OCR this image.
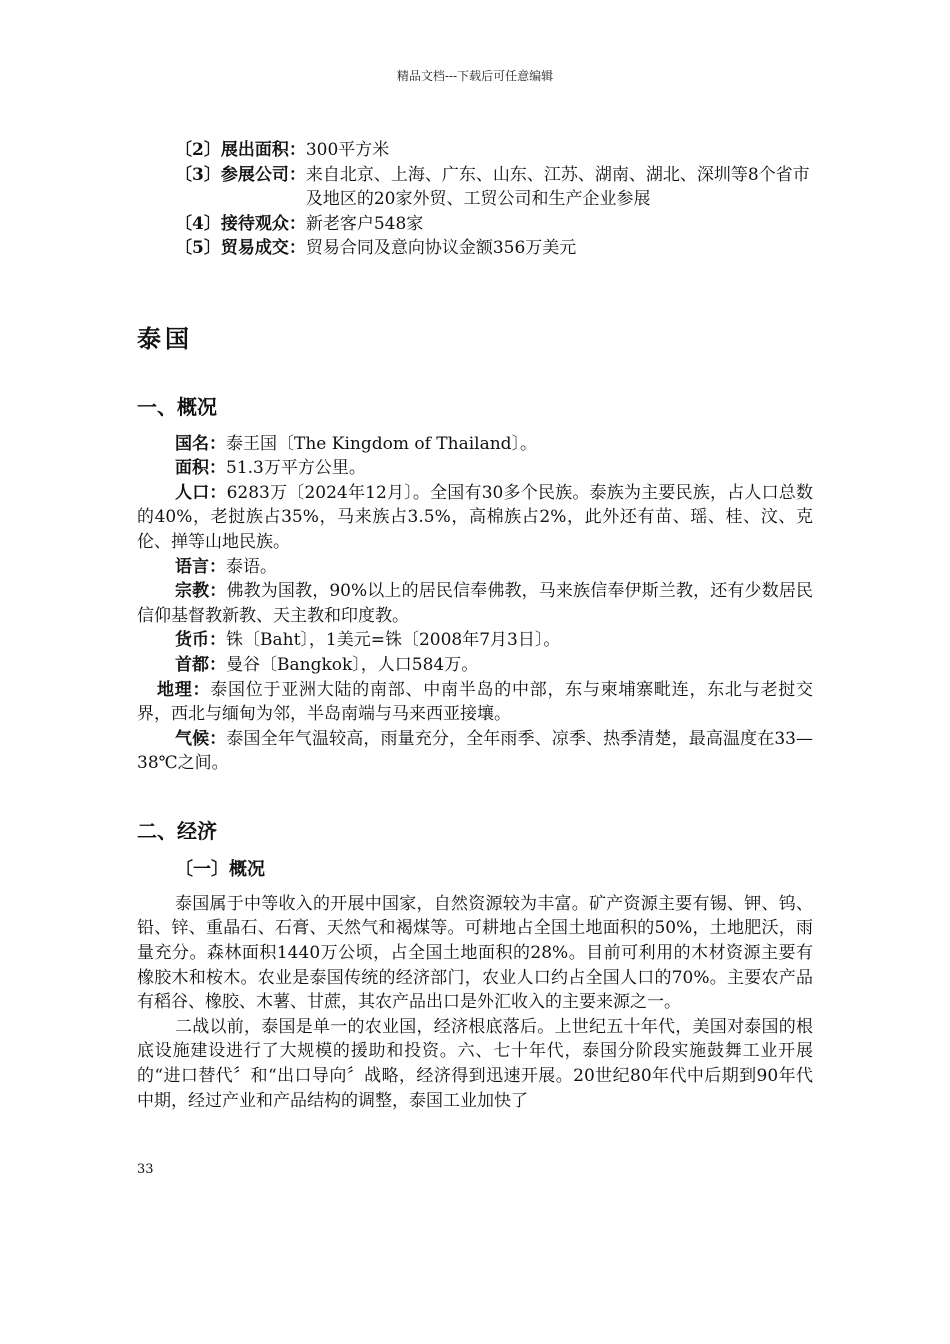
精品文档---下载后可任意编辑
〔2〕展出面积： 300平方米
〔3〕参展公司： 来自北京、上海、广东、山东、江苏、湖南、湖北、深圳等8个省市及地区的20家外贸、工贸公司和生产企业参展
〔4〕接待观众： 新老客户548家
〔5〕贸易成交： 贸易合同及意向协议金额356万美元
泰国
一、概况

国名：泰王国〔The Kingdom of Thailand〕。

面积：51.3万平方公里。

人口：6283万〔2024年12月〕。全国有30多个民族。泰族为主要民族，占人口总数的40%，老挝族占35%，马来族占3.5%，高棉族占2%，此外还有苗、瑶、桂、汶、克伦、掸等山地民族。

语言：泰语。

宗教：佛教为国教，90%以上的居民信奉佛教，马来族信奉伊斯兰教，还有少数居民信仰基督教新教、天主教和印度教。

货币：铢〔Baht〕，1美元=铢〔2008年7月3日〕。

首都：曼谷〔Bangkok〕，人口584万。

地理：泰国位于亚洲大陆的南部、中南半岛的中部，东与柬埔寨毗连，东北与老挝交界，西北与缅甸为邻，半岛南端与马来西亚接壤。

气候：泰国全年气温较高，雨量充分，全年雨季、凉季、热季清楚，最高温度在33—38℃之间。

二、经济
〔一〕概况

泰国属于中等收入的开展中国家，自然资源较为丰富。矿产资源主要有锡、钾、钨、铅、锌、重晶石、石膏、天然气和褐煤等。可耕地占全国土地面积的50%，土地肥沃，雨量充分。森林面积1440万公顷，占全国土地面积的28%。目前可利用的木材资源主要有橡胶木和桉木。农业是泰国传统的经济部门，农业人口约占全国人口的70%。主要农产品有稻谷、橡胶、木薯、甘蔗，其农产品出口是外汇收入的主要来源之一。

二战以前，泰国是单一的农业国，经济根底落后。上世纪五十年代，美国对泰国的根底设施建设进行了大规模的援助和投资。六、七十年代，泰国分阶段实施鼓舞工业开展的“进口替代〞和“出口导向〞战略，经济得到迅速开展。20世纪80年代中后期到90年代中期，经过产业和产品结构的调整，泰国工业加快了

33
